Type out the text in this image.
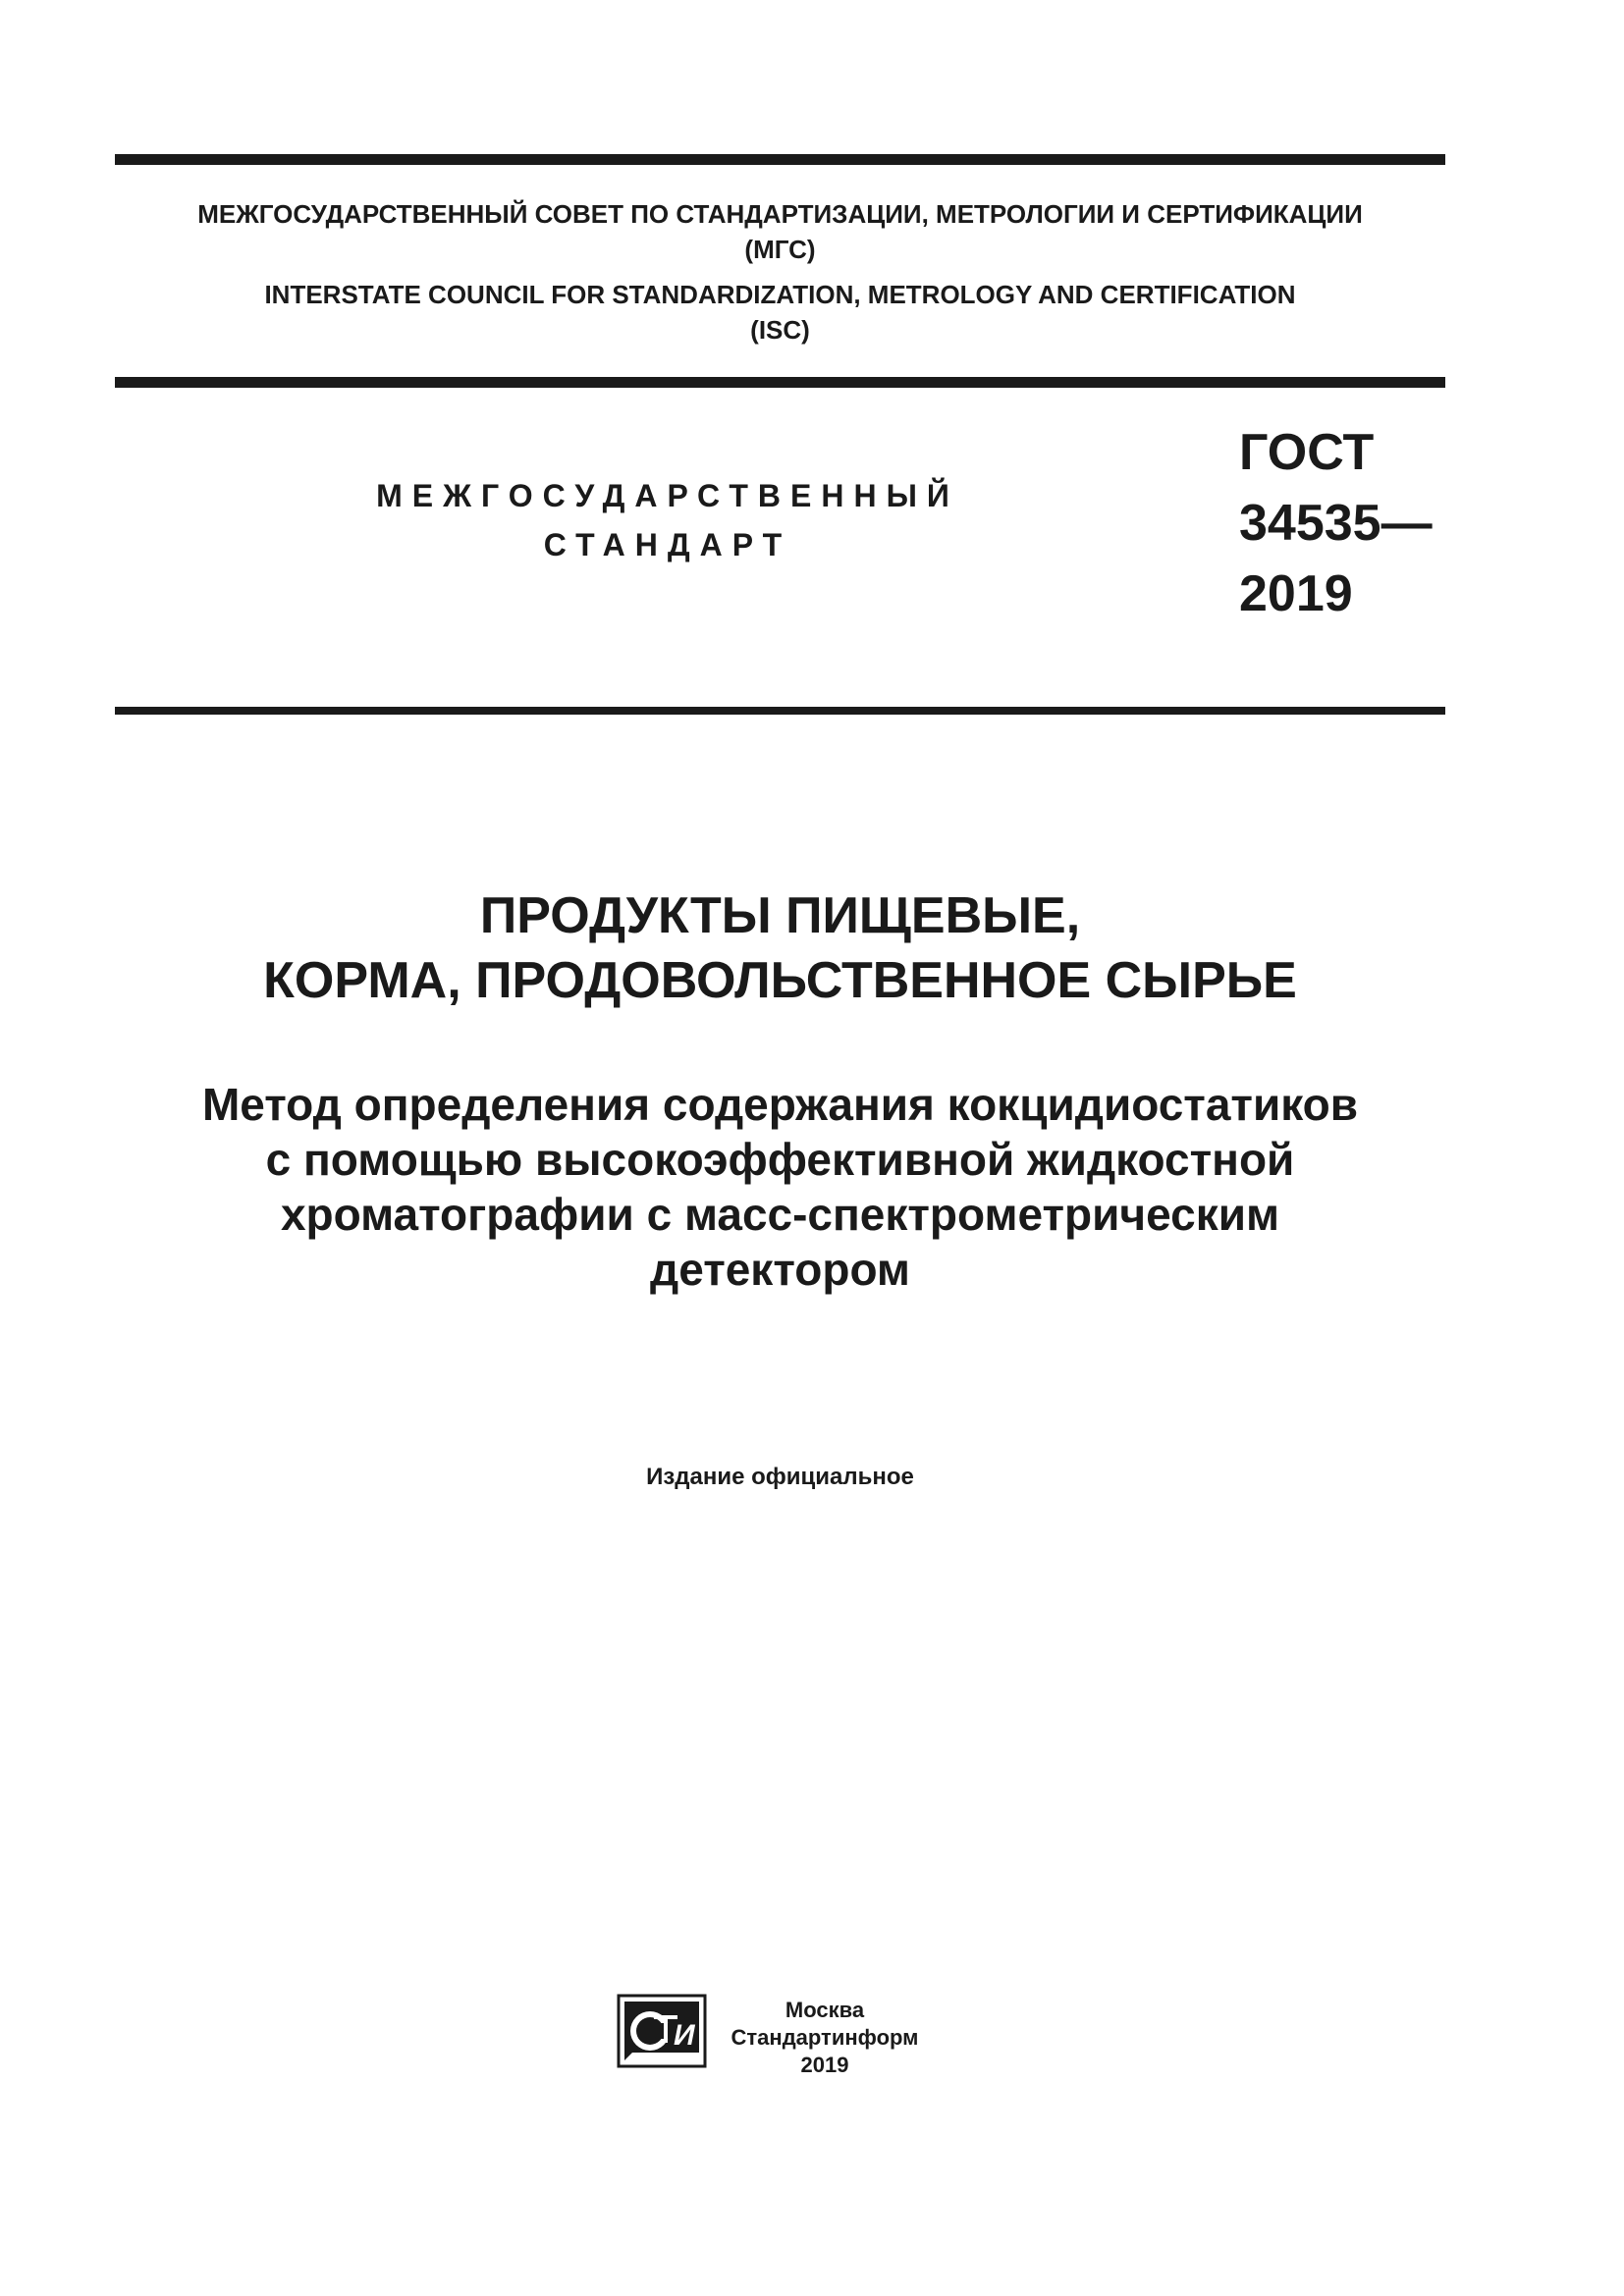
МЕЖГОСУДАРСТВЕННЫЙ СОВЕТ ПО СТАНДАРТИЗАЦИИ, МЕТРОЛОГИИ И СЕРТИФИКАЦИИ
(МГС)
INTERSTATE COUNCIL FOR STANDARDIZATION, METROLOGY AND CERTIFICATION
(ISC)
МЕЖГОСУДАРСТВЕННЫЙ
СТАНДАРТ
ГОСТ
34535—
2019
ПРОДУКТЫ ПИЩЕВЫЕ,
КОРМА, ПРОДОВОЛЬСТВЕННОЕ СЫРЬЕ
Метод определения содержания кокцидиостатиков
с помощью высокоэффективной жидкостной
хроматографии с масс-спектрометрическим
детектором
Издание официальное
И
Москва
Стандартинформ
2019
